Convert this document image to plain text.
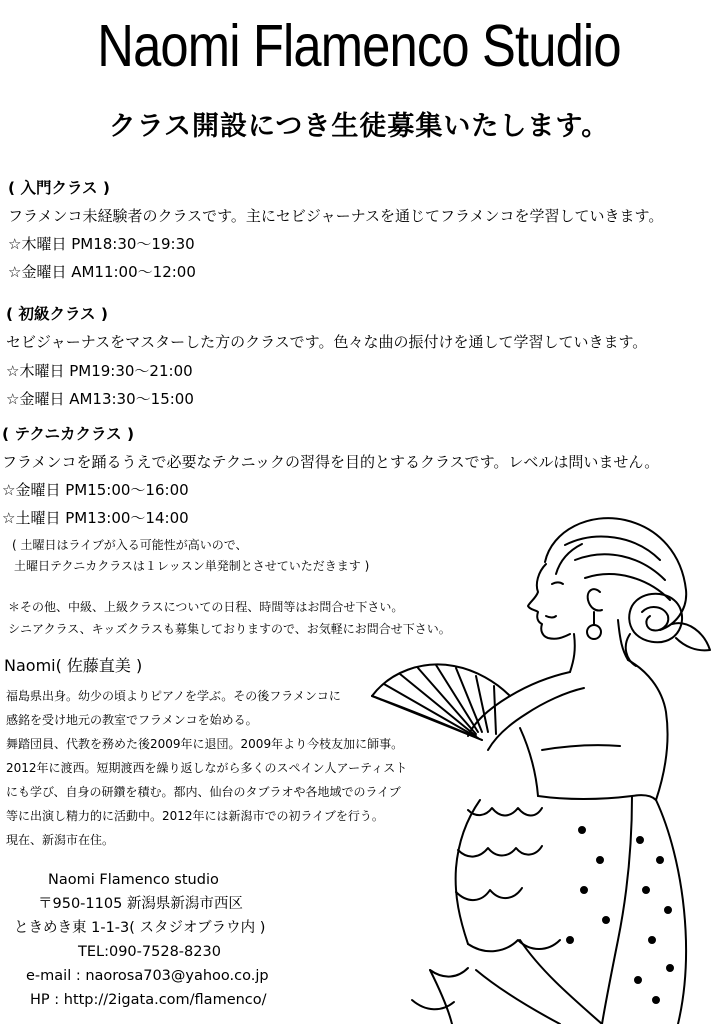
Naomi Flamenco Studio
クラス開設につき生徒募集いたします。
( 入門クラス )
フラメンコ未経験者のクラスです。主にセビジャーナスを通じてフラメンコを学習していきます。
☆木曜日 PM18:30〜19:30
☆金曜日 AM11:00〜12:00
( 初級クラス )
セビジャーナスをマスターした方のクラスです。色々な曲の振付けを通して学習していきます。
☆木曜日 PM19:30〜21:00
☆金曜日 AM13:30〜15:00
( テクニカクラス )
フラメンコを踊るうえで必要なテクニックの習得を目的とするクラスです。レベルは問いません。
☆金曜日 PM15:00〜16:00
☆土曜日 PM13:00〜14:00
( 土曜日はライブが入る可能性が高いので、
土曜日テクニカクラスは１レッスン単発制とさせていただきます )
＊その他、中級、上級クラスについての日程、時間等はお問合せ下さい。
シニアクラス、キッズクラスも募集しておりますので、お気軽にお問合せ下さい。
Naomi( 佐藤直美 )
福島県出身。幼少の頃よりピアノを学ぶ。その後フラメンコに
感銘を受け地元の教室でフラメンコを始める。
舞踏団員、代教を務めた後2009年に退団。2009年より今枝友加に師事。
2012年に渡西。短期渡西を繰り返しながら多くのスペイン人アーティスト
にも学び、自身の研鑽を積む。都内、仙台のタブラオや各地域でのライブ
等に出演し精力的に活動中。2012年には新潟市での初ライブを行う。
現在、新潟市在住。
Naomi Flamenco studio
〒950-1105 新潟県新潟市西区
ときめき東 1-1-3( スタジオブラウ内 )
TEL:090-7528-8230
e-mail : naorosa703@yahoo.co.jp
HP : http://2igata.com/flamenco/
